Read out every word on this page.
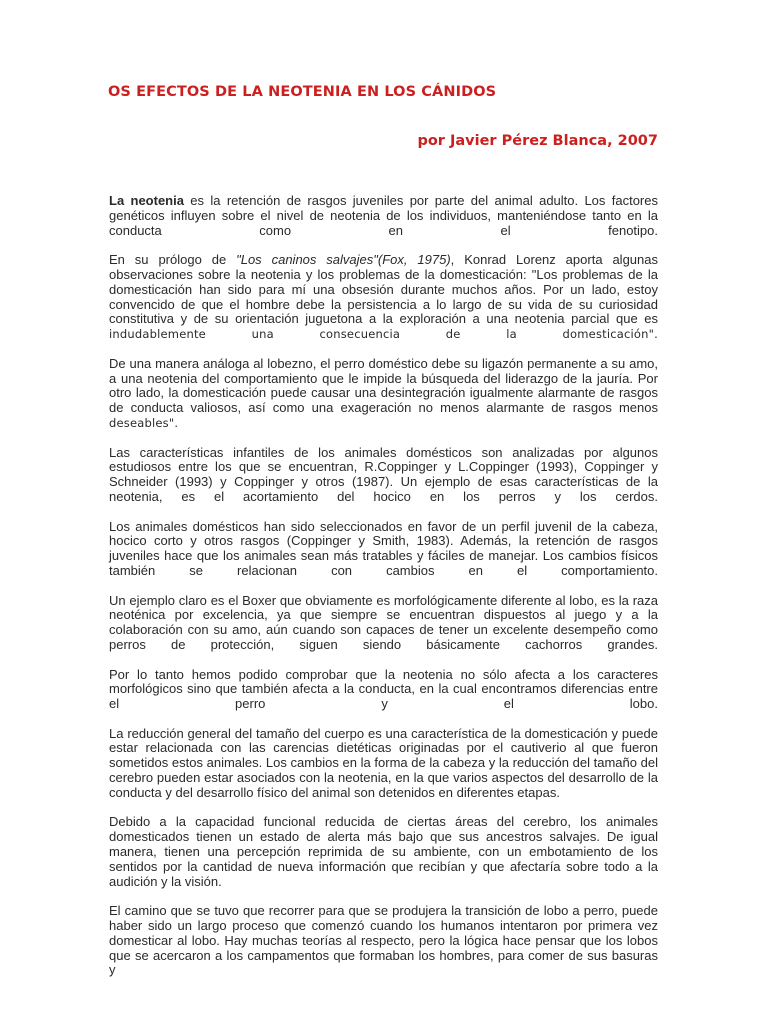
OS EFECTOS DE LA NEOTENIA EN LOS CÁNIDOS
por Javier Pérez Blanca, 2007

La neotenia es la retención de rasgos juveniles por parte del animal adulto. Los factores genéticos influyen sobre el nivel de neotenia de los individuos, manteniéndose tanto en la conducta como en el fenotipo.

En su prólogo de "Los caninos salvajes"(Fox, 1975), Konrad Lorenz aporta algunas observaciones sobre la neotenia y los problemas de la domesticación: "Los problemas de la domesticación han sido para mí una obsesión durante muchos años. Por un lado, estoy convencido de que el hombre debe la persistencia a lo largo de su vida de su curiosidad constitutiva y de su orientación juguetona a la exploración a una neotenia parcial que es indudablemente una consecuencia de la domesticación".

De una manera análoga al lobezno, el perro doméstico debe su ligazón permanente a su amo, a una neotenia del comportamiento que le impide la búsqueda del liderazgo de la jauría. Por otro lado, la domesticación puede causar una desintegración igualmente alarmante de rasgos de conducta valiosos, así como una exageración no menos alarmante de rasgos menos deseables".

Las características infantiles de los animales domésticos son analizadas por algunos estudiosos entre los que se encuentran, R.Coppinger y L.Coppinger (1993), Coppinger y Schneider (1993) y Coppinger y otros (1987). Un ejemplo de esas características de la neotenia, es el acortamiento del hocico en los perros y los cerdos.

Los animales domésticos han sido seleccionados en favor de un perfil juvenil de la cabeza, hocico corto y otros rasgos (Coppinger y Smith, 1983). Además, la retención de rasgos juveniles hace que los animales sean más tratables y fáciles de manejar. Los cambios físicos también se relacionan con cambios en el comportamiento.

Un ejemplo claro es el Boxer que obviamente es morfológicamente diferente al lobo, es la raza neoténica por excelencia, ya que siempre se encuentran dispuestos al juego y a la colaboración con su amo, aún cuando son capaces de tener un excelente desempeño como perros de protección, siguen siendo básicamente cachorros grandes.

Por lo tanto hemos podido comprobar que la neotenia no sólo afecta a los caracteres morfológicos sino que también afecta a la conducta, en la cual encontramos diferencias entre el perro y el lobo.

La reducción general del tamaño del cuerpo es una característica de la domesticación y puede estar relacionada con las carencias dietéticas originadas por el cautiverio al que fueron sometidos estos animales. Los cambios en la forma de la cabeza y la reducción del tamaño del cerebro pueden estar asociados con la neotenia, en la que varios aspectos del desarrollo de la conducta y del desarrollo físico del animal son detenidos en diferentes etapas.

Debido a la capacidad funcional reducida de ciertas áreas del cerebro, los animales domesticados tienen un estado de alerta más bajo que sus ancestros salvajes. De igual manera, tienen una percepción reprimida de su ambiente, con un embotamiento de los sentidos por la cantidad de nueva información que recibían y que afectaría sobre todo a la audición y la visión.

El camino que se tuvo que recorrer para que se produjera la transición de lobo a perro, puede haber sido un largo proceso que comenzó cuando los humanos intentaron por primera vez domesticar al lobo. Hay muchas teorías al respecto, pero la lógica hace pensar que los lobos que se acercaron a los campamentos que formaban los hombres, para comer de sus basuras y
